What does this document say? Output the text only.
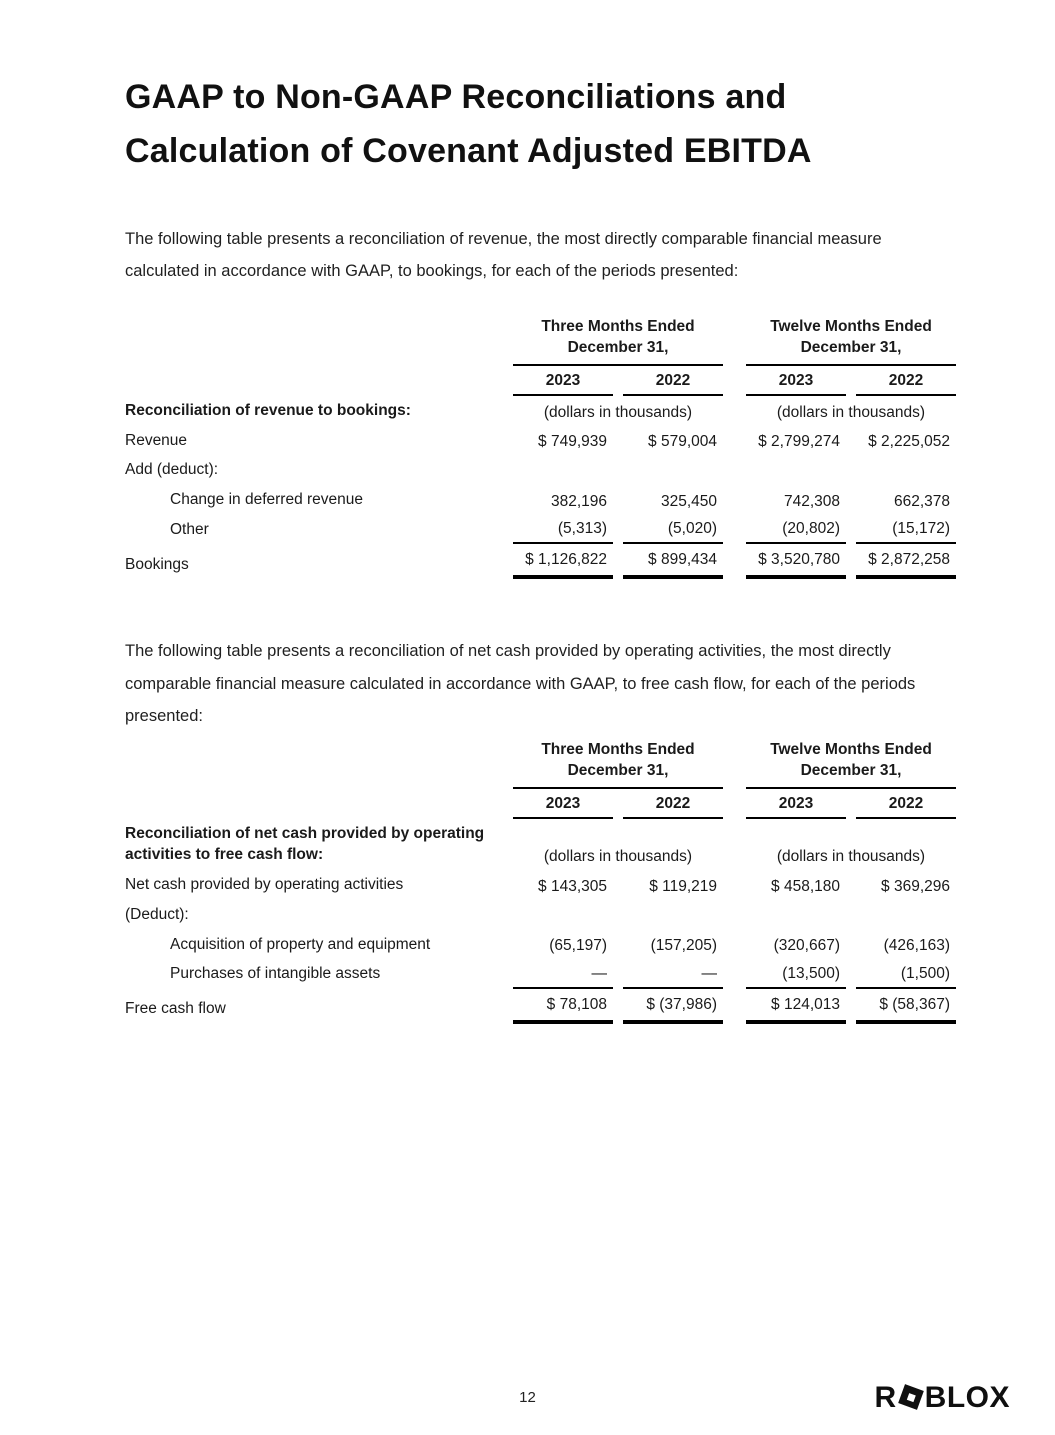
GAAP to Non-GAAP Reconciliations and
Calculation of Covenant Adjusted EBITDA

The following table presents a reconciliation of revenue, the most directly comparable financial measure calculated in accordance with GAAP, to bookings, for each of the periods presented:

	Three Months Ended
December 31,			Twelve Months Ended
December 31,	

	2023	2022		2023	2022
Reconciliation of revenue to bookings:	(dollars in thousands)			(dollars in thousands)	
Revenue	$ 749,939	$ 579,004		$ 2,799,274	$ 2,225,052
Add (deduct):					
Change in deferred revenue	382,196	325,450		742,308	662,378
Other	(5,313)	(5,020)		(20,802)	(15,172)
Bookings	$ 1,126,822	$ 899,434		$ 3,520,780	$ 2,872,258

The following table presents a reconciliation of net cash provided by operating activities, the most directly comparable financial measure calculated in accordance with GAAP, to free cash flow, for each of the periods presented:

	Three Months Ended
December 31,			Twelve Months Ended
December 31,	

	2023	2022		2023	2022
Reconciliation of net cash provided by operating activities to free cash flow:	(dollars in thousands)			(dollars in thousands)	
Net cash provided by operating activities	$ 143,305	$ 119,219		$ 458,180	$ 369,296
(Deduct):					
Acquisition of property and equipment	(65,197)	(157,205)		(320,667)	(426,163)
Purchases of intangible assets	—	—		(13,500)	(1,500)
Free cash flow	$ 78,108	$ (37,986)		$ 124,013	$ (58,367)
12	R BLOX
